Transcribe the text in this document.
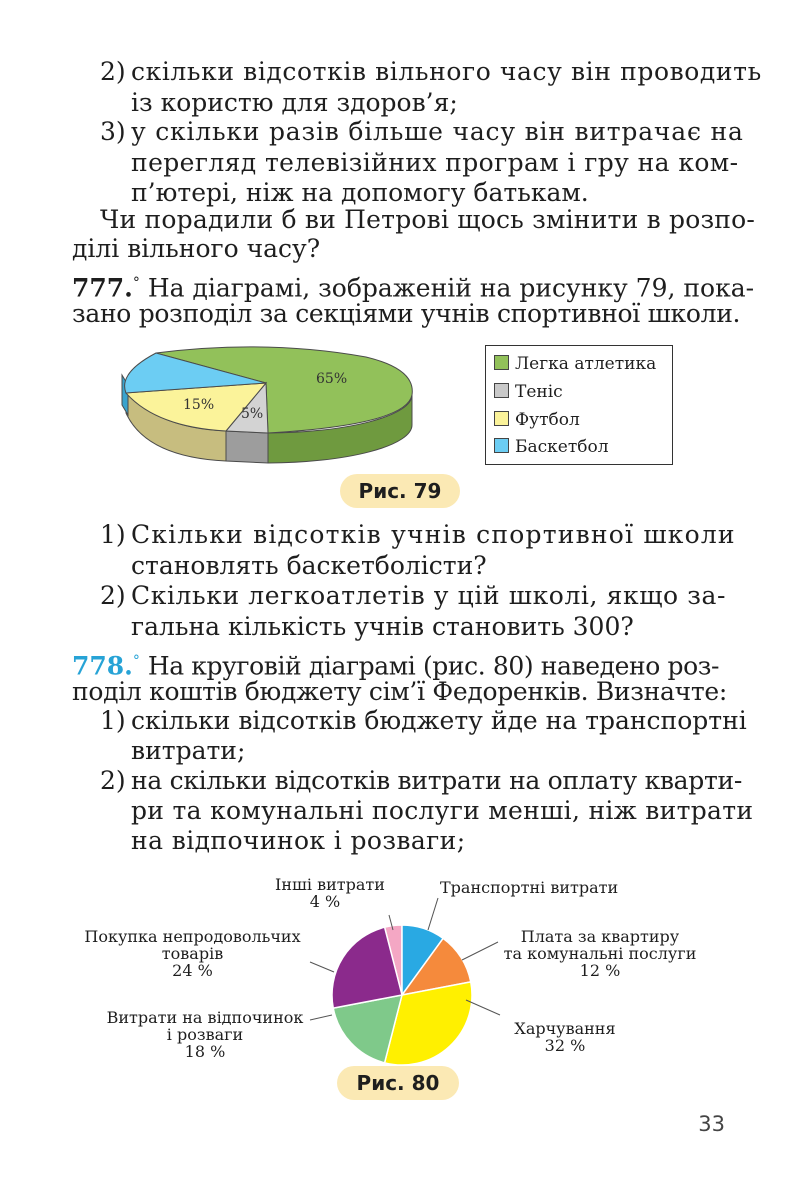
2) скільки відсотків вільного часу він проводить
із користю для здоров’я;
3) у скільки разів більше часу він витрачає на
перегляд телевізійних програм і гру на ком-
п’ютері, ніж на допомогу батькам.
Чи порадили б ви Петрові щось змінити в розпо-
ділі вільного часу?
777.° На діаграмі, зображеній на рисунку 79, пока-
зано розподіл за секціями учнів спортивної школи.
65%
5%
15%
Легка атлетика
Теніс
Футбол
Баскетбол
Рис. 79
1) Скільки відсотків учнів спортивної школи
становлять баскетболісти?
2) Скільки легкоатлетів у цій школі, якщо за-
гальна кількість учнів становить 300?
778.° На круговій діаграмі (рис. 80) наведено роз-
поділ коштів бюджету сім’ї Федоренків. Визначте:
1) скільки відсотків бюджету йде на транспортні
витрати;
2) на скільки відсотків витрати на оплату кварти-
ри та комунальні послуги менші, ніж витрати
на відпочинок і розваги;
Інші витрати
4 %
Транспортні витрати
Плата за квартиру
та комунальні послуги
12 %
Харчування
32 %
Витрати на відпочинок
і розваги
18 %
Покупка непродовольчих
товарів
24 %
Рис. 80
33
